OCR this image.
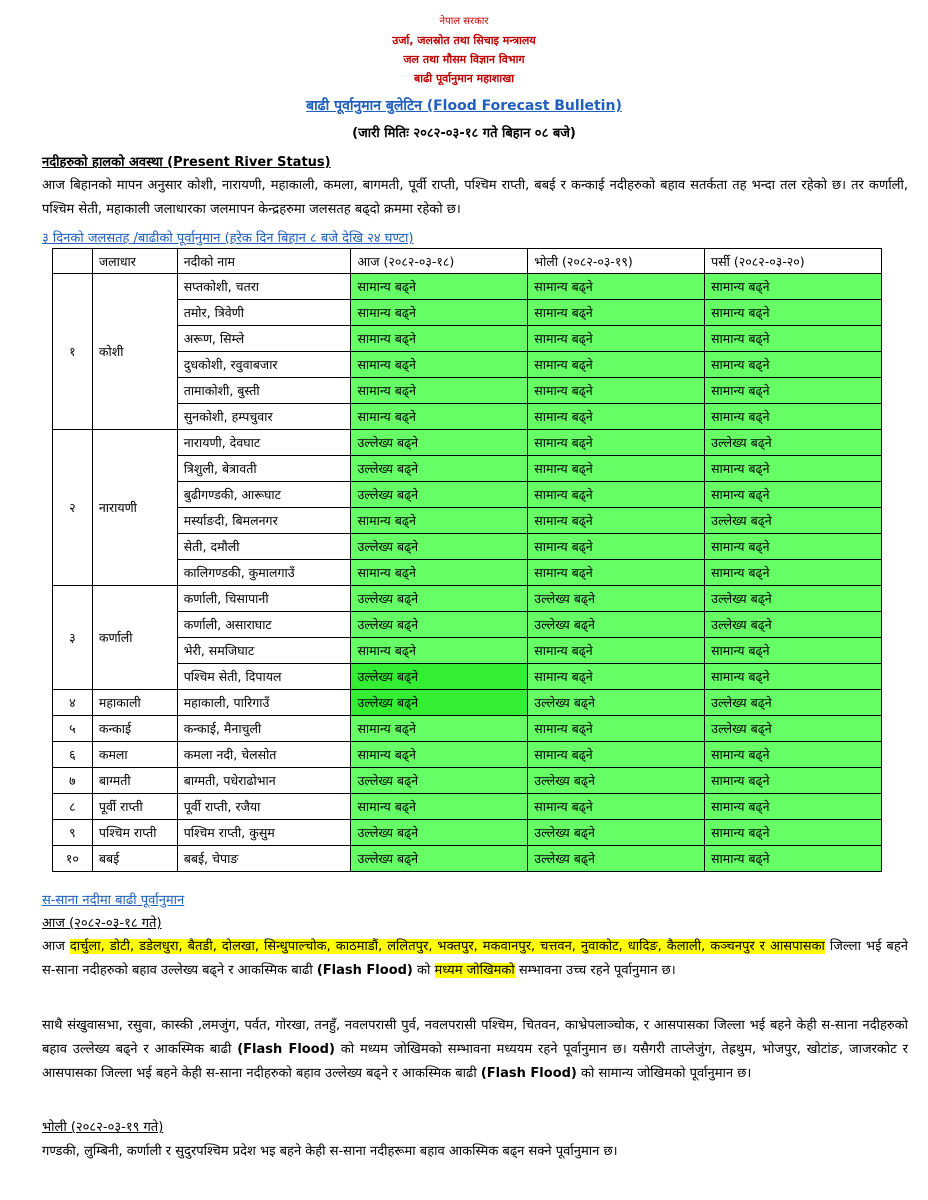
नेपाल सरकार
उर्जा, जलस्रोत तथा सिचाइ मन्त्रालय
जल तथा मौसम विज्ञान विभाग
बाढी पूर्वानुमान महाशाखा
बाढी पूर्वानुमान बुलेटिन (Flood Forecast Bulletin)
(जारी मितिः २०८२-०३-१८ गते बिहान ०८ बजे)
नदीहरुको हालको अवस्था (Present River Status)
आज बिहानको मापन अनुसार कोशी, नारायणी, महाकाली, कमला, बागमती, पूर्वी राप्ती, पश्चिम राप्ती, बबई र कन्काई नदीहरुको बहाव सतर्कता तह भन्दा तल रहेको छ। तर कर्णाली, पश्चिम सेती, महाकाली जलाधारका जलमापन केन्द्रहरुमा जलसतह बढ्दो क्रममा रहेको छ।
३ दिनको जलसतह /बाढीको पूर्वानुमान (हरेक दिन बिहान ८ बजे देखि २४ घण्टा)
	जलाधार	नदीको नाम	आज (२०८२-०३-१८)	भोली (२०८२-०३-१९)	पर्सी (२०८२-०३-२०)
१	कोशी	सप्तकोशी, चतरा	सामान्य बढ्ने	सामान्य बढ्ने	सामान्य बढ्ने
		तमोर, त्रिवेणी	सामान्य बढ्ने	सामान्य बढ्ने	सामान्य बढ्ने
		अरूण, सिम्ले	सामान्य बढ्ने	सामान्य बढ्ने	सामान्य बढ्ने
		दुधकोशी, रवुवाबजार	सामान्य बढ्ने	सामान्य बढ्ने	सामान्य बढ्ने
		तामाकोशी, बुस्ती	सामान्य बढ्ने	सामान्य बढ्ने	सामान्य बढ्ने
		सुनकोशी, हम्पचुवार	सामान्य बढ्ने	सामान्य बढ्ने	सामान्य बढ्ने
२	नारायणी	नारायणी, देवघाट	उल्लेख्य बढ्ने	सामान्य बढ्ने	उल्लेख्य बढ्ने
		त्रिशुली, बेत्रावती	उल्लेख्य बढ्ने	सामान्य बढ्ने	सामान्य बढ्ने
		बुढीगण्डकी, आरूघाट	उल्लेख्य बढ्ने	सामान्य बढ्ने	सामान्य बढ्ने
		मर्स्याङदी, बिमलनगर	सामान्य बढ्ने	सामान्य बढ्ने	उल्लेख्य बढ्ने
		सेती, दमौली	उल्लेख्य बढ्ने	सामान्य बढ्ने	सामान्य बढ्ने
		कालिगण्डकी, कुमालगाउँ	सामान्य बढ्ने	सामान्य बढ्ने	सामान्य बढ्ने
३	कर्णाली	कर्णाली, चिसापानी	उल्लेख्य बढ्ने	उल्लेख्य बढ्ने	उल्लेख्य बढ्ने
		कर्णाली, असाराघाट	उल्लेख्य बढ्ने	उल्लेख्य बढ्ने	उल्लेख्य बढ्ने
		भेरी, समजिघाट	सामान्य बढ्ने	सामान्य बढ्ने	सामान्य बढ्ने
		पश्चिम सेती, दिपायल	उल्लेख्य बढ्ने	सामान्य बढ्ने	सामान्य बढ्ने
४	महाकाली	महाकाली, पारिगाउँ	उल्लेख्य बढ्ने	उल्लेख्य बढ्ने	उल्लेख्य बढ्ने
५	कन्काई	कन्काई, मैनाचुली	सामान्य बढ्ने	सामान्य बढ्ने	उल्लेख्य बढ्ने
६	कमला	कमला नदी, चेलसोत	सामान्य बढ्ने	सामान्य बढ्ने	सामान्य बढ्ने
७	बाग्मती	बाग्मती, पधेराढोभान	उल्लेख्य बढ्ने	उल्लेख्य बढ्ने	सामान्य बढ्ने
८	पूर्वी राप्ती	पूर्वी राप्ती, रजैया	सामान्य बढ्ने	सामान्य बढ्ने	सामान्य बढ्ने
९	पश्चिम राप्ती	पश्चिम राप्ती, कुसुम	उल्लेख्य बढ्ने	उल्लेख्य बढ्ने	सामान्य बढ्ने
१०	बबई	बबई, चेपाङ	उल्लेख्य बढ्ने	उल्लेख्य बढ्ने	सामान्य बढ्ने
स-साना नदीमा बाढी पूर्वानुमान
आज (२०८२-०३-१८ गते)
आज दार्चुला, डोटी, डडेलधुरा, बैतडी, दोलखा, सिन्धुपाल्चोक, काठमाडौं, ललितपुर, भक्तपुर, मकवानपुर, चत्तवन, नुवाकोट, धादिङ, कैलाली, कञ्चनपुर र आसपासका जिल्ला भई बहने स-साना नदीहरुको बहाव उल्लेख्य बढ्ने र आकस्मिक बाढी (Flash Flood) को मध्यम जोखिमको सम्भावना उच्च रहने पूर्वानुमान छ।
साथै संखुवासभा, रसुवा, कास्की ,लमजुंग, पर्वत, गोरखा, तनहुँ, नवलपरासी पुर्व, नवलपरासी पश्चिम, चितवन, काभ्रेपलाञ्चोक, र आसपासका जिल्ला भई बहने केही स-साना नदीहरुको बहाव उल्लेख्य बढ्ने र आकस्मिक बाढी (Flash Flood) को मध्यम जोखिमको सम्भावना मध्ययम रहने पूर्वानुमान छ। यसैगरी ताप्लेजुंग, तेह्रथुम, भोजपुर, खोटांङ, जाजरकोट र आसपासका जिल्ला भई बहने केही स-साना नदीहरुको बहाव उल्लेख्य बढ्ने र आकस्मिक बाढी (Flash Flood) को सामान्य जोखिमको पूर्वानुमान छ।
भोली (२०८२-०३-१९ गते)
गण्डकी, लुम्बिनी, कर्णाली र सुदुरपश्चिम प्रदेश भइ बहने केही स-साना नदीहरूमा बहाव आकस्मिक बढ्न सक्ने पूर्वानुमान छ।
